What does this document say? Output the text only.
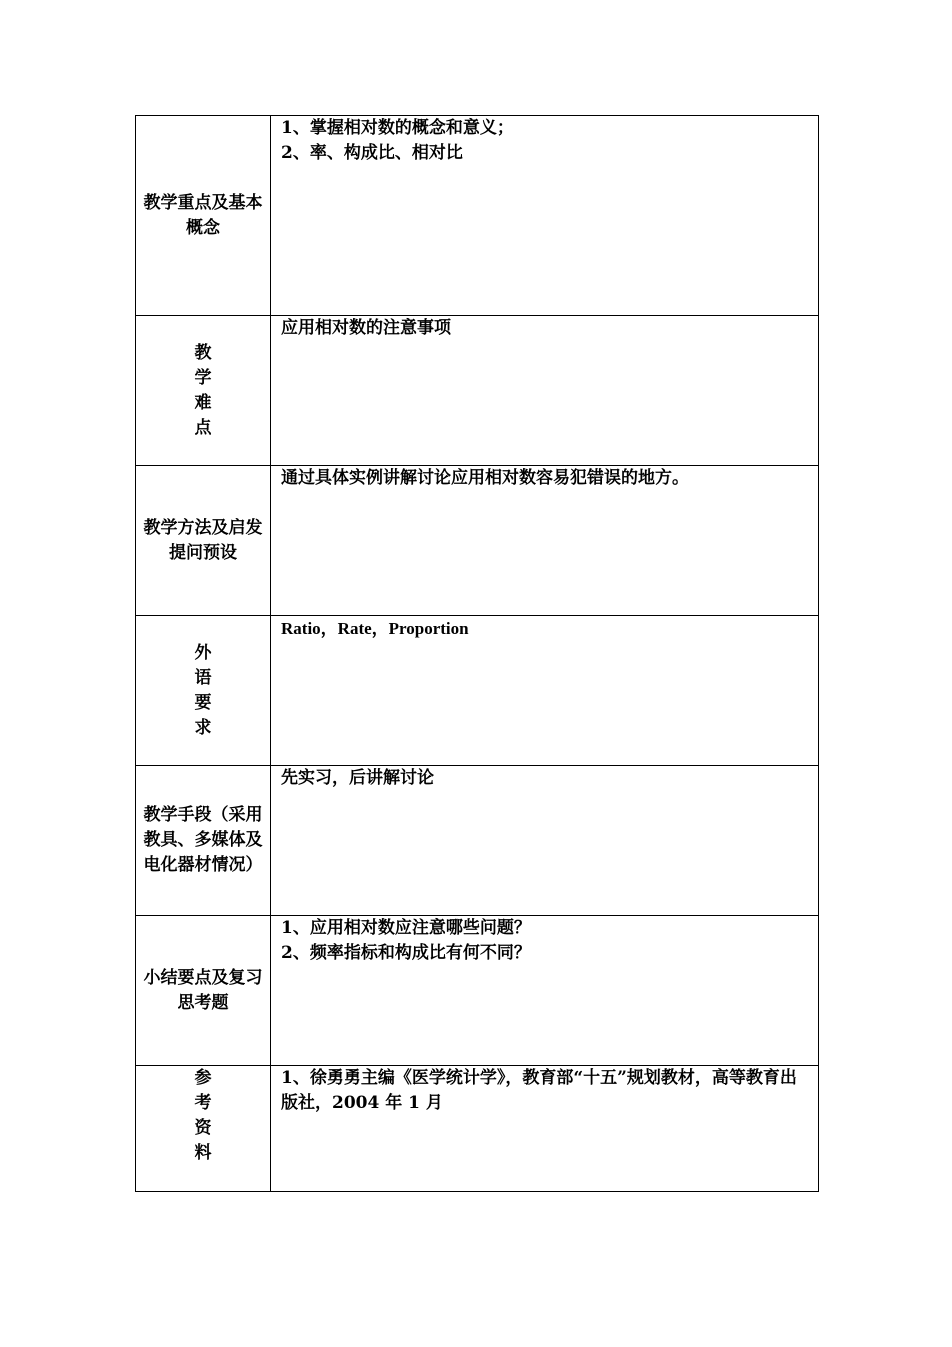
教学重点及基本概念	1、掌握相对数的概念和意义；
2、率、构成比、相对比

教学难点	应用相对数的注意事项

教学方法及启发提问预设	通过具体实例讲解讨论应用相对数容易犯错误的地方。

外语要求	Ratio，Rate，Proportion

教学手段（采用教具、多媒体及电化器材情况）	先实习，后讲解讨论

小结要点及复习思考题	1、应用相对数应注意哪些问题？
2、频率指标和构成比有何不同？

参考资料	1、徐勇勇主编《医学统计学》，教育部“十五”规划教材，高等教育出版社，2004 年 1 月
